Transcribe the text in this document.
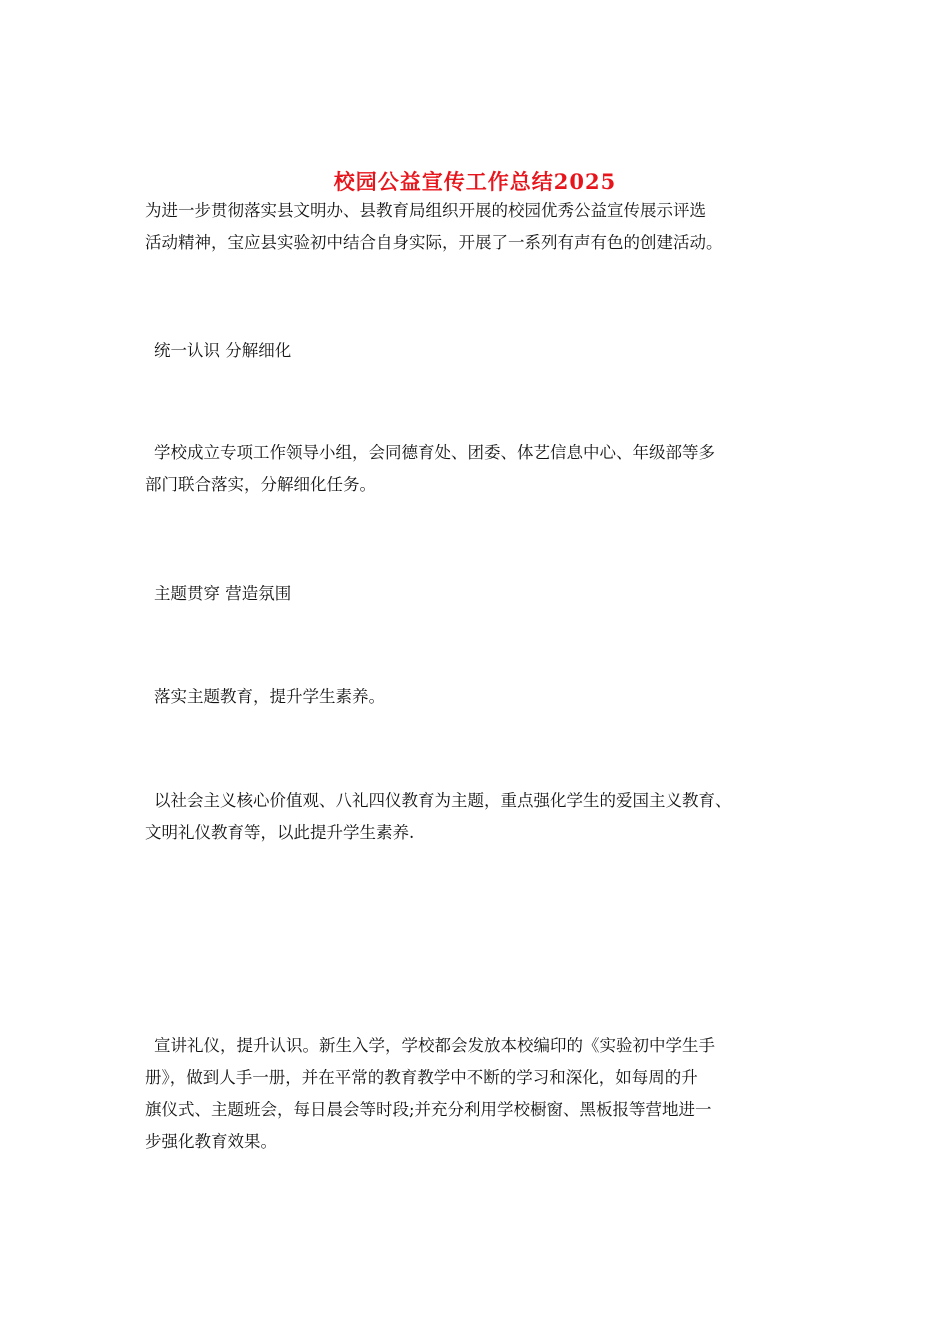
校园公益宣传工作总结2025
为进一步贯彻落实县文明办、县教育局组织开展的校园优秀公益宣传展示评选
活动精神，宝应县实验初中结合自身实际，开展了一系列有声有色的创建活动。
统一认识 分解细化
学校成立专项工作领导小组，会同德育处、团委、体艺信息中心、年级部等多
部门联合落实，分解细化任务。
主题贯穿 营造氛围
落实主题教育，提升学生素养。
以社会主义核心价值观、八礼四仪教育为主题，重点强化学生的爱国主义教育、
文明礼仪教育等，以此提升学生素养.
宣讲礼仪，提升认识。新生入学，学校都会发放本校编印的《实验初中学生手
册》，做到人手一册，并在平常的教育教学中不断的学习和深化，如每周的升
旗仪式、主题班会，每日晨会等时段;并充分利用学校橱窗、黑板报等营地进一
步强化教育效果。
